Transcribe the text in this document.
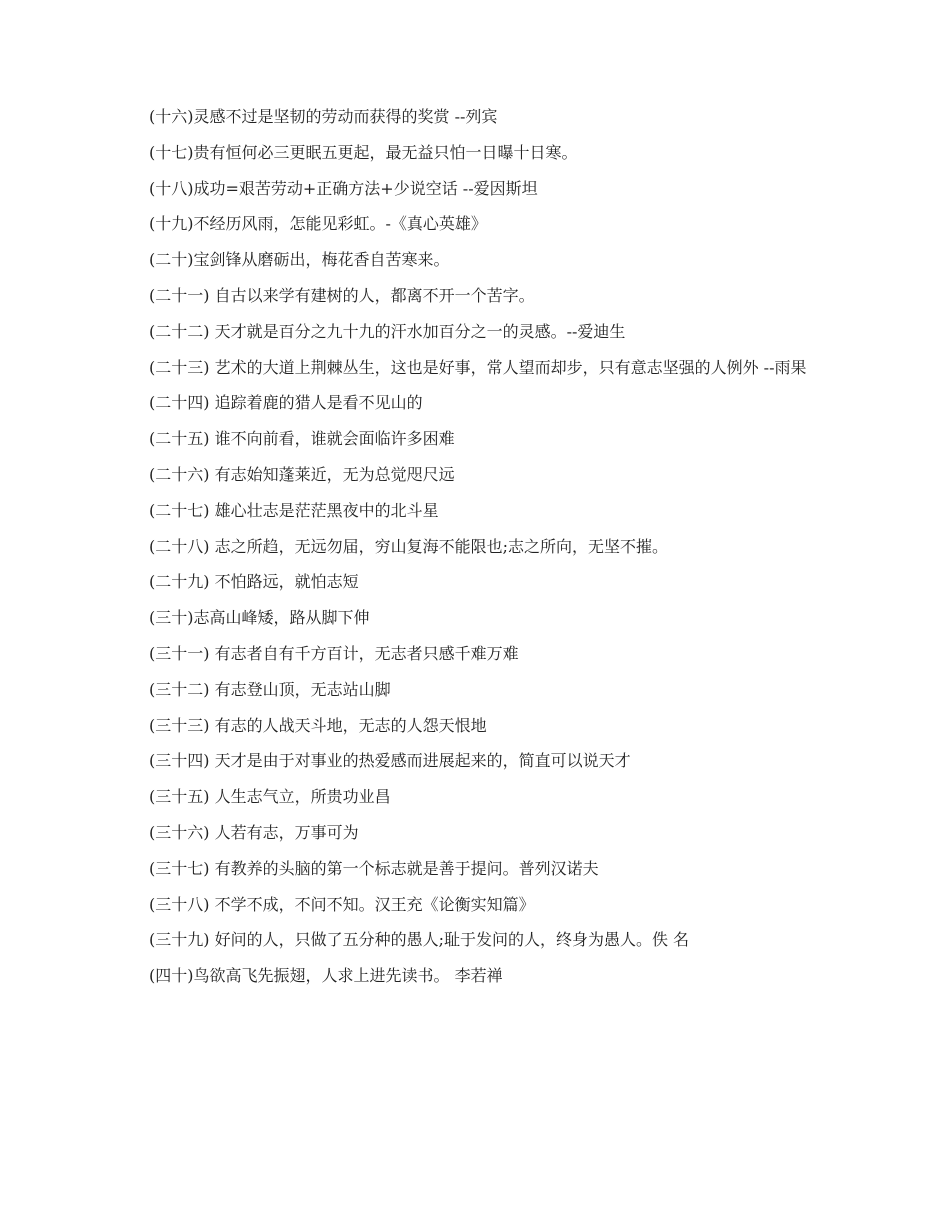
(十六)灵感不过是坚韧的劳动而获得的奖赏 --列宾

(十七)贵有恒何必三更眠五更起，最无益只怕一日曝十日寒。

(十八)成功=艰苦劳动+正确方法+少说空话 --爱因斯坦

(十九)不经历风雨，怎能见彩虹。-《真心英雄》

(二十)宝剑锋从磨砺出，梅花香自苦寒来。

(二十一) 自古以来学有建树的人，都离不开一个苦字。

(二十二) 天才就是百分之九十九的汗水加百分之一的灵感。--爱迪生

(二十三) 艺术的大道上荆棘丛生，这也是好事，常人望而却步，只有意志坚强的人例外 --雨果

(二十四) 追踪着鹿的猎人是看不见山的

(二十五) 谁不向前看，谁就会面临许多困难

(二十六) 有志始知蓬莱近，无为总觉咫尺远

(二十七) 雄心壮志是茫茫黑夜中的北斗星

(二十八) 志之所趋，无远勿届，穷山复海不能限也;志之所向，无坚不摧。

(二十九) 不怕路远，就怕志短

(三十)志高山峰矮，路从脚下伸

(三十一) 有志者自有千方百计，无志者只感千难万难

(三十二) 有志登山顶，无志站山脚

(三十三) 有志的人战天斗地，无志的人怨天恨地

(三十四) 天才是由于对事业的热爱感而进展起来的，简直可以说天才

(三十五) 人生志气立，所贵功业昌

(三十六) 人若有志，万事可为

(三十七) 有教养的头脑的第一个标志就是善于提问。普列汉诺夫

(三十八) 不学不成，不问不知。汉王充《论衡实知篇》

(三十九) 好问的人，只做了五分种的愚人;耻于发问的人，终身为愚人。佚 名

(四十)鸟欲高飞先振翅，人求上进先读书。 李若禅
